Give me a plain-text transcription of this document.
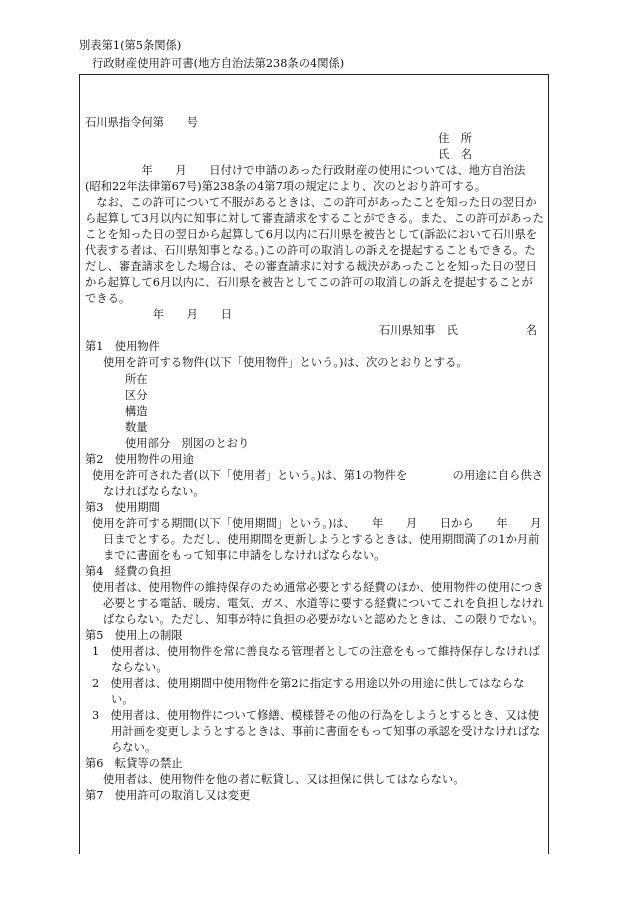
別表第1(第5条関係)
行政財産使用許可書(地方自治法第238条の4関係)

石川県指令何第　　号

住　所

氏　名

　　　　　年　　月　　日付けで申請のあった行政財産の使用については、地方自治法

(昭和22年法律第67号)第238条の4第7項の規定により、次のとおり許可する。

　なお、この許可について不服があるときは、この許可があったことを知った日の翌日から起算して3月以内に知事に対して審査請求をすることができる。また、この許可があったことを知った日の翌日から起算して6月以内に石川県を被告として(訴訟において石川県を代表する者は、石川県知事となる。)この許可の取消しの訴えを提起することもできる。ただし、審査請求をした場合は、その審査請求に対する裁決があったことを知った日の翌日から起算して6月以内に、石川県を被告としてこの許可の取消しの訴えを提起することができる。

　　　　　　年　　月　　日

石川県知事　氏　　　　　　名

第1　使用物件

使用を許可する物件(以下「使用物件」という。)は、次のとおりとする。

所在

区分

構造

数量

使用部分　別図のとおり

第2　使用物件の用途

使用を許可された者(以下「使用者」という。)は、第1の物件を　　　　の用途に自ら供さなければならない。

第3　使用期間

使用を許可する期間(以下「使用期間」という。)は、　　年　　月　　日から　　年　　月　　日までとする。ただし、使用期間を更新しようとするときは、使用期間満了の1か月前までに書面をもって知事に申請をしなければならない。

第4　経費の負担

使用者は、使用物件の維持保存のため通常必要とする経費のほか、使用物件の使用につき必要とする電話、暖房、電気、ガス、水道等に要する経費についてこれを負担しなければならない。ただし、知事が特に負担の必要がないと認めたときは、この限りでない。

第5　使用上の制限

1　使用者は、使用物件を常に善良なる管理者としての注意をもって維持保存しなければならない。

2　使用者は、使用期間中使用物件を第2に指定する用途以外の用途に供してはならない。

3　使用者は、使用物件について修繕、模様替その他の行為をしようとするとき、又は使用計画を変更しようとするときは、事前に書面をもって知事の承認を受けなければならない。

第6　転貸等の禁止

使用者は、使用物件を他の者に転貸し、又は担保に供してはならない。

第7　使用許可の取消し又は変更
